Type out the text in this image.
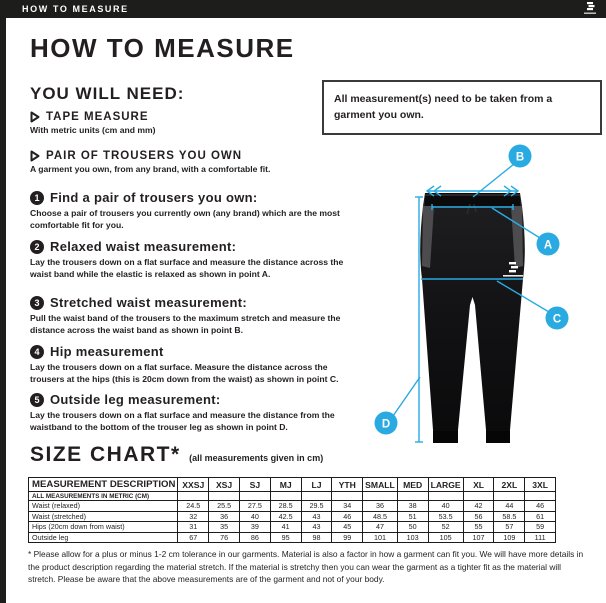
HOW TO MEASURE
HOW TO MEASURE
YOU WILL NEED:
TAPE MEASURE
With metric units (cm and mm)
PAIR OF TROUSERS YOU OWN
A garment you own, from any brand, with a comfortable fit.
All measurement(s) need to be taken from a garment you own.
1 Find a pair of trousers you own:
Choose a pair of trousers you currently own (any brand) which are the most comfortable fit for you.
2 Relaxed waist measurement:
Lay the trousers down on a flat surface and measure the distance across the waist band while the elastic is relaxed as shown in point A.
3 Stretched waist measurement:
Pull the waist band of the trousers to the maximum stretch and measure the distance across the waist band as shown in point B.
4 Hip measurement
Lay the trousers down on a flat surface. Measure the distance across the trousers at the hips (this is 20cm down from the waist) as shown in point C.
5 Outside leg measurement:
Lay the trousers down on a flat surface and measure the distance from the waistband to the bottom of the trouser leg as shown in point D.
B
A
C
D
SIZE CHART* (all measurements given in cm)
MEASUREMENT DESCRIPTION	XXSJ	XSJ	SJ	MJ	LJ	YTH	SMALL	MED	LARGE	XL	2XL	3XL
ALL MEASUREMENTS IN METRIC (CM)												
Waist (relaxed)	24.5	25.5	27.5	28.5	29.5	34	36	38	40	42	44	46
Waist (stretched)	32	36	40	42.5	43	46	48.5	51	53.5	56	58.5	61
Hips (20cm down from waist)	31	35	39	41	43	45	47	50	52	55	57	59
Outside leg	67	76	86	95	98	99	101	103	105	107	109	111
* Please allow for a plus or minus 1-2 cm tolerance in our garments. Material is also a factor in how a garment can fit you. We will have more details in the product description regarding the material stretch. If the material is stretchy then you can wear the garment as a tighter fit as the material will stretch. Please be aware that the above measurements are of the garment and not of your body.
